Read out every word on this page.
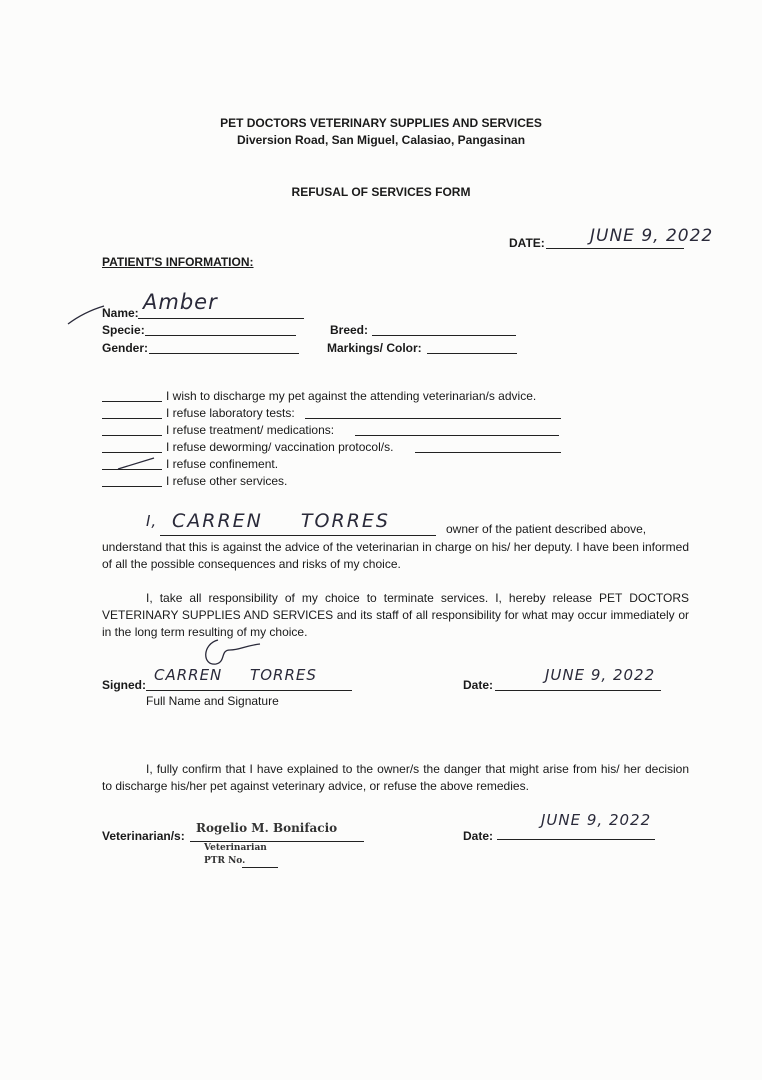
PET DOCTORS VETERINARY SUPPLIES AND SERVICES
Diversion Road, San Miguel, Calasiao, Pangasinan
REFUSAL OF SERVICES FORM
DATE:	JUNE 9, 2022
PATIENT'S INFORMATION:
Name: Amber
Specie:	Breed:
Gender:	Markings/ Color:
I wish to discharge my pet against the attending veterinarian/s advice.
I refuse laboratory tests:
I refuse treatment/ medications:
I refuse deworming/ vaccination protocol/s.
I refuse confinement.
I refuse other services.
I, CARREN TORRES	owner of the patient described above,
understand that this is against the advice of the veterinarian in charge on his/ her deputy. I have been informed of all the possible consequences and risks of my choice.
I, take all responsibility of my choice to terminate services. I, hereby release PET DOCTORS VETERINARY SUPPLIES AND SERVICES and its staff of all responsibility for what may occur immediately or in the long term resulting of my choice.
Signed:
CARREN TORRES
Full Name and Signature
Date:
JUNE 9, 2022
I, fully confirm that I have explained to the owner/s the danger that might arise from his/ her decision to discharge his/her pet against veterinary advice, or refuse the above remedies.
Veterinarian/s:
Rogelio M. Bonifacio
Veterinarian
PTR No.
Date:
JUNE 9, 2022
